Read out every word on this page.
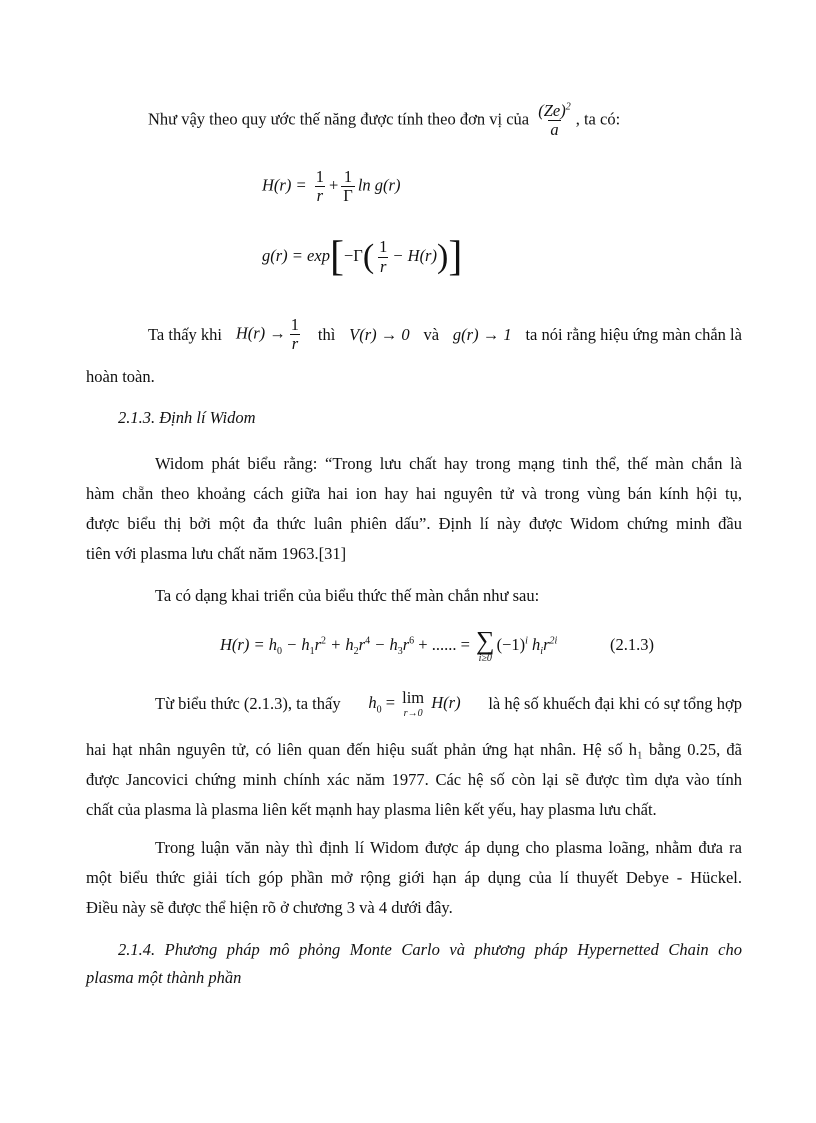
Như vậy theo quy ước thế năng được tính theo đơn vị của $\frac{(Ze)^2}{a}$ , ta có:
$H(r) = \frac{1}{r} + \frac{1}{\Gamma}$ ln g(r)
$g(r) = \exp[-\Gamma( \frac{1}{r} - H(r))]$
Ta thấy khi $H(r) \to \frac{1}{r}$ thì V(r) → 0 và g(r) → 1 ta nói rằng hiệu ứng màn chắn là
hoàn toàn.
2.1.3. Định lí Widom
Widom phát biểu rằng: “Trong lưu chất hay trong mạng tinh thể, thế màn chắn là
hàm chẵn theo khoảng cách giữa hai ion hay hai nguyên tử và trong vùng bán kính hội tụ,
được biểu thị bởi một đa thức luân phiên dấu”. Định lí này được Widom chứng minh đầu
tiên với plasma lưu chất năm 1963.[31]
Ta có dạng khai triển của biểu thức thế màn chắn như sau:
$H(r) = h_0 - h_1r^2 + h_2r^4 - h_3r^6$ + ...... = ∑
i≥0
$(-1)^i$ $h_ir^{2i}$	(2.1.3)
Từ biểu thức (2.1.3), ta thấy $h_0 = \lim$
r→0
H(r) là hệ số khuếch đại khi có sự tổng hợp
hai hạt nhân nguyên tử, có liên quan đến hiệu suất phản ứng hạt nhân. Hệ số h₁ bằng 0.25, đã
được Jancovici chứng minh chính xác năm 1977. Các hệ số còn lại sẽ được tìm dựa vào tính
chất của plasma là plasma liên kết mạnh hay plasma liên kết yếu, hay plasma lưu chất.
Trong luận văn này thì định lí Widom được áp dụng cho plasma loãng, nhằm đưa ra
một biểu thức giải tích góp phần mở rộng giới hạn áp dụng của lí thuyết Debye - Hückel.
Điều này sẽ được thể hiện rõ ở chương 3 và 4 dưới đây.
2.1.4. Phương pháp mô phỏng Monte Carlo và phương pháp Hypernetted Chain cho
plasma một thành phần
